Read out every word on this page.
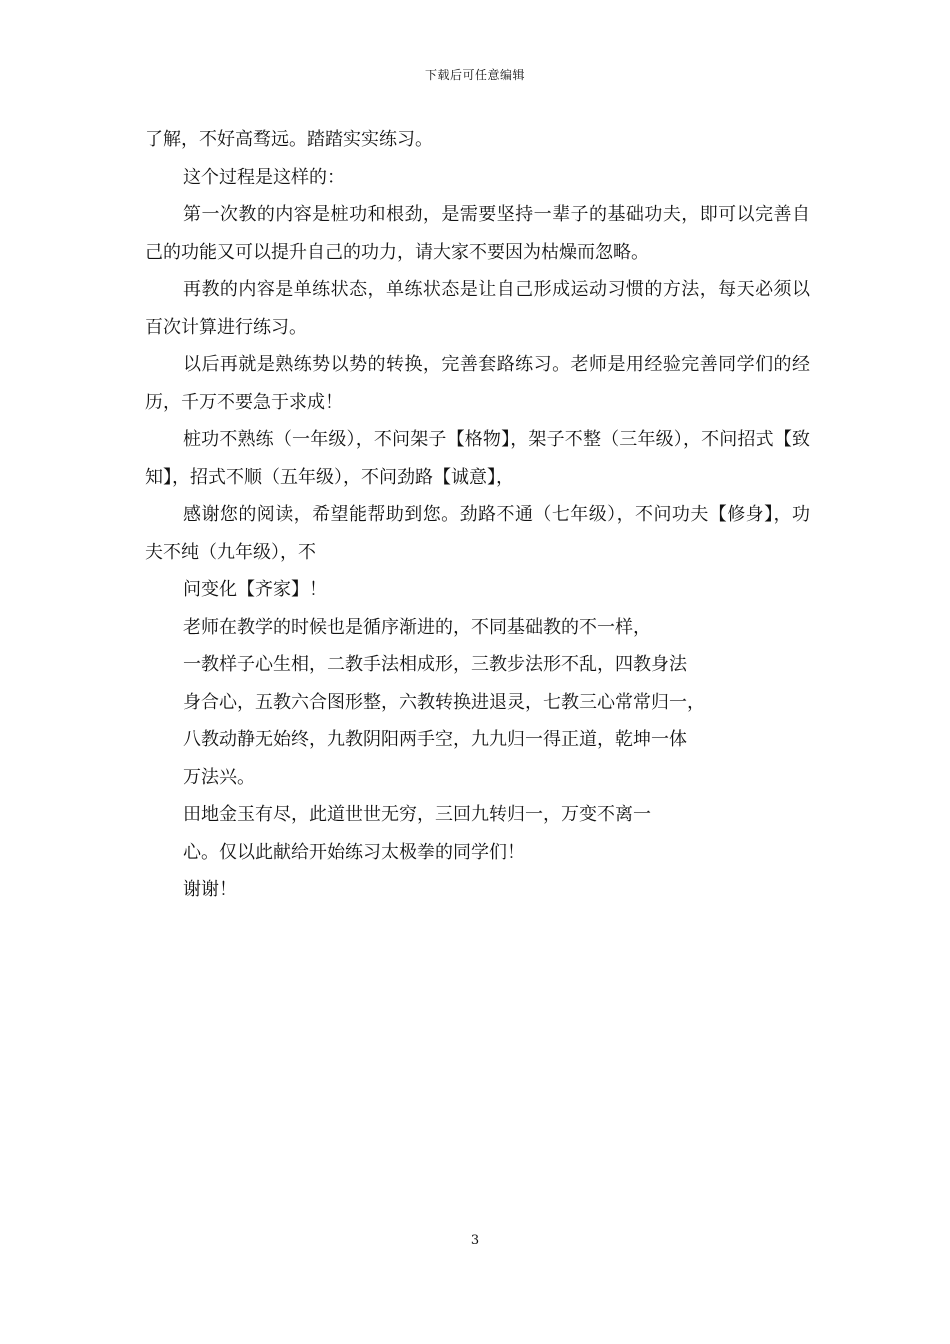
下载后可任意编辑

了解，不好高骛远。踏踏实实练习。

这个过程是这样的：

第一次教的内容是桩功和根劲，是需要坚持一辈子的基础功夫，即可以完善自己的功能又可以提升自己的功力，请大家不要因为枯燥而忽略。

再教的内容是单练状态，单练状态是让自己形成运动习惯的方法，每天必须以百次计算进行练习。

以后再就是熟练势以势的转换，完善套路练习。老师是用经验完善同学们的经历，千万不要急于求成！

桩功不熟练（一年级），不问架子【格物】，架子不整（三年级），不问招式【致知】，招式不顺（五年级），不问劲路【诚意】，

感谢您的阅读，希望能帮助到您。劲路不通（七年级），不问功夫【修身】，功夫不纯（九年级），不

问变化【齐家】！

老师在教学的时候也是循序渐进的，不同基础教的不一样，

一教样子心生相，二教手法相成形，三教步法形不乱，四教身法

身合心，五教六合图形整，六教转换进退灵，七教三心常常归一，

八教动静无始终，九教阴阳两手空，九九归一得正道，乾坤一体

万法兴。

田地金玉有尽，此道世世无穷，三回九转归一，万变不离一

心。仅以此献给开始练习太极拳的同学们！

谢谢！

3
